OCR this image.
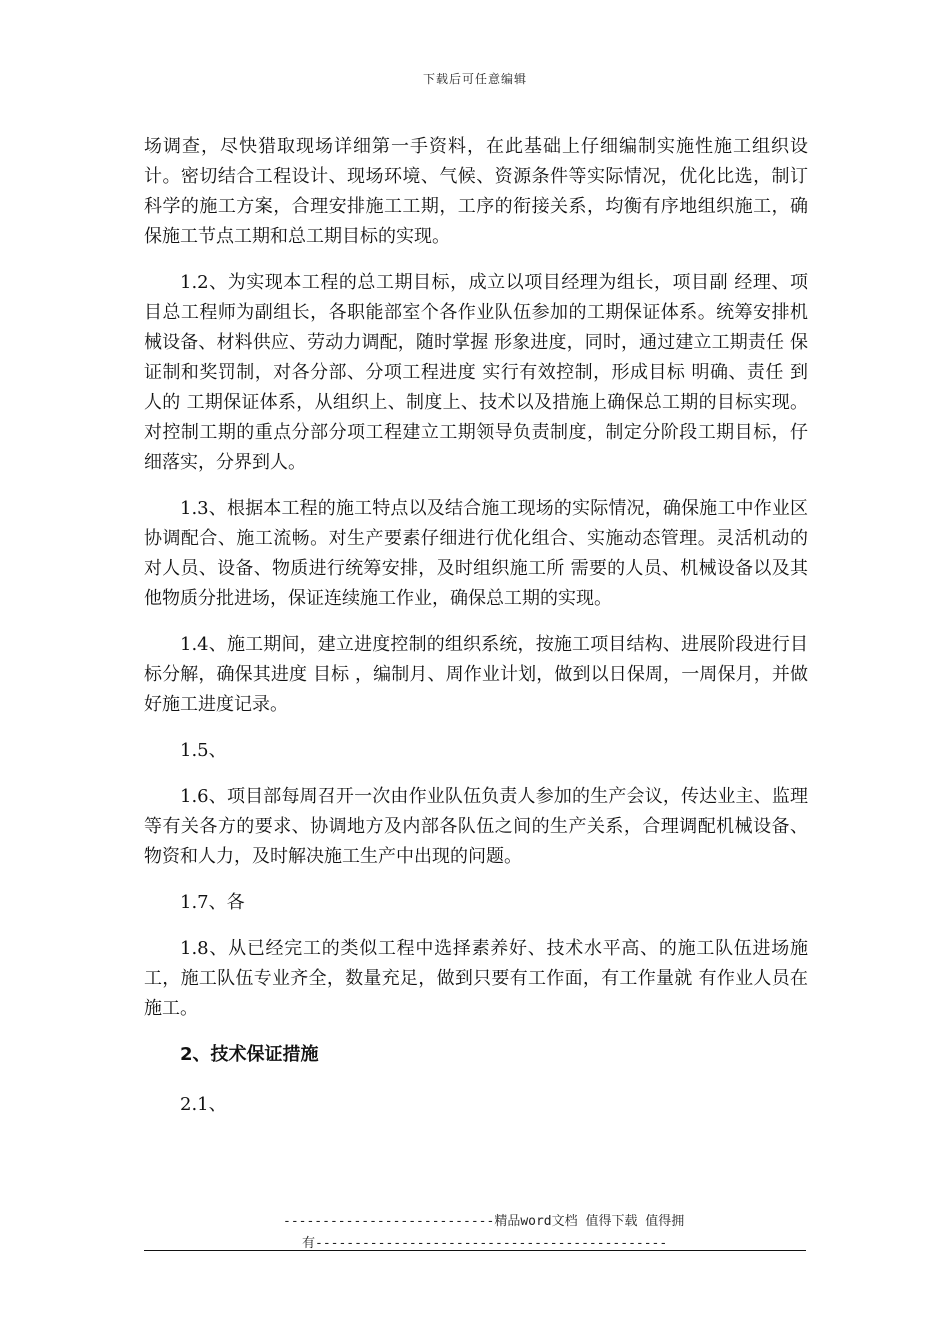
下载后可任意编辑

场调查，尽快猎取现场详细第一手资料，在此基础上仔细编制实施性施工组织设计。密切结合工程设计、现场环境、气候、资源条件等实际情况，优化比选，制订科学的施工方案，合理安排施工工期，工序的衔接关系，均衡有序地组织施工，确保施工节点工期和总工期目标的实现。

1.2、为实现本工程的总工期目标，成立以项目经理为组长，项目副 经理、项目总工程师为副组长，各职能部室个各作业队伍参加的工期保证体系。统筹安排机械设备、材料供应、劳动力调配，随时掌握 形象进度，同时，通过建立工期责任 保证制和奖罚制，对各分部、分项工程进度 实行有效控制，形成目标 明确、责任 到人的 工期保证体系，从组织上、制度上、技术以及措施上确保总工期的目标实现。对控制工期的重点分部分项工程建立工期领导负责制度，制定分阶段工期目标，仔细落实，分界到人。

1.3、根据本工程的施工特点以及结合施工现场的实际情况，确保施工中作业区协调配合、施工流畅。对生产要素仔细进行优化组合、实施动态管理。灵活机动的对人员、设备、物质进行统筹安排，及时组织施工所 需要的人员、机械设备以及其他物质分批进场，保证连续施工作业，确保总工期的实现。

1.4、施工期间，建立进度控制的组织系统，按施工项目结构、进展阶段进行目标分解，确保其进度 目标 ，编制月、周作业计划，做到以日保周，一周保月，并做好施工进度记录。

1.5、

1.6、项目部每周召开一次由作业队伍负责人参加的生产会议，传达业主、监理等有关各方的要求、协调地方及内部各队伍之间的生产关系，合理调配机械设备、物资和人力，及时解决施工生产中出现的问题。

1.7、各

1.8、从已经完工的类似工程中选择素养好、技术水平高、的施工队伍进场施工，施工队伍专业齐全，数量充足，做到只要有工作面，有工作量就 有作业人员在施工。

2、技术保证措施

2.1、

---------------------------精品word文档 值得下载 值得拥
有---------------------------------------------
